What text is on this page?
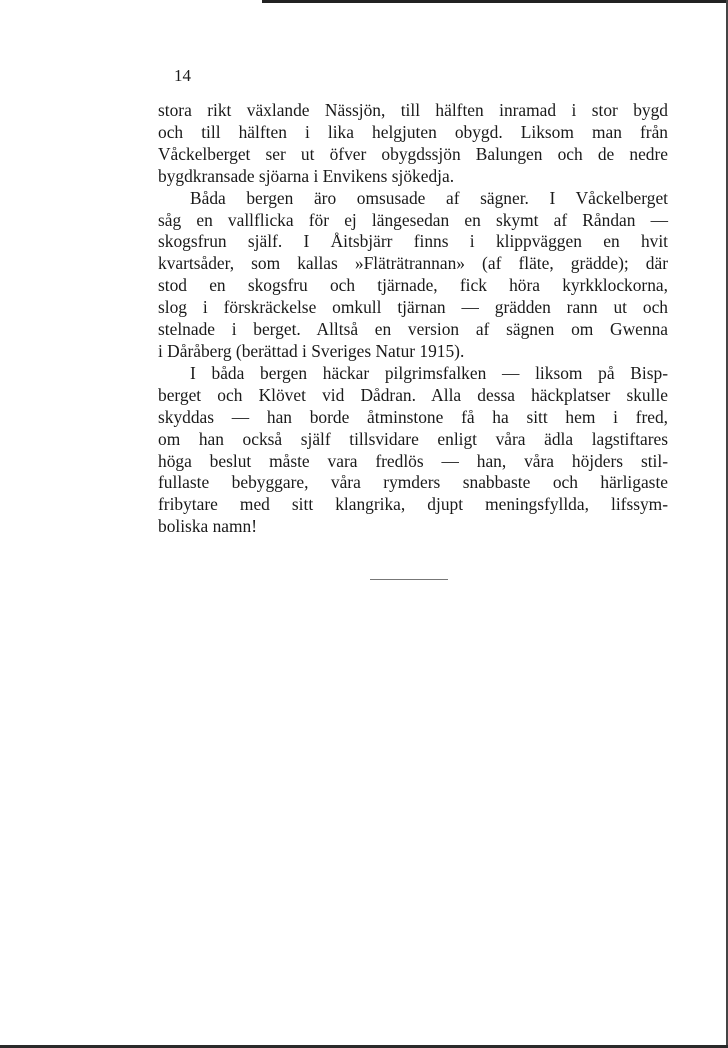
14
stora rikt växlande Nässjön, till hälften inramad i stor bygd
och till hälften i lika helgjuten obygd. Liksom man från
Våckelberget ser ut öfver obygdssjön Balungen och de nedre
bygdkransade sjöarna i Envikens sjökedja.
Båda bergen äro omsusade af sägner. I Våckelberget
såg en vallflicka för ej längesedan en skymt af Råndan —
skogsfrun själf. I Åitsbjärr finns i klippväggen en hvit
kvartsåder, som kallas »Fläträtrannan» (af fläte, grädde); där
stod en skogsfru och tjärnade, fick höra kyrkklockorna,
slog i förskräckelse omkull tjärnan — grädden rann ut och
stelnade i berget. Alltså en version af sägnen om Gwenna
i Dåråberg (berättad i Sveriges Natur 1915).
I båda bergen häckar pilgrimsfalken — liksom på Bisp-
berget och Klövet vid Dådran. Alla dessa häckplatser skulle
skyddas — han borde åtminstone få ha sitt hem i fred,
om han också själf tillsvidare enligt våra ädla lagstiftares
höga beslut måste vara fredlös — han, våra höjders stil-
fullaste bebyggare, våra rymders snabbaste och härligaste
fribytare med sitt klangrika, djupt meningsfyllda, lifssym-
boliska namn!
